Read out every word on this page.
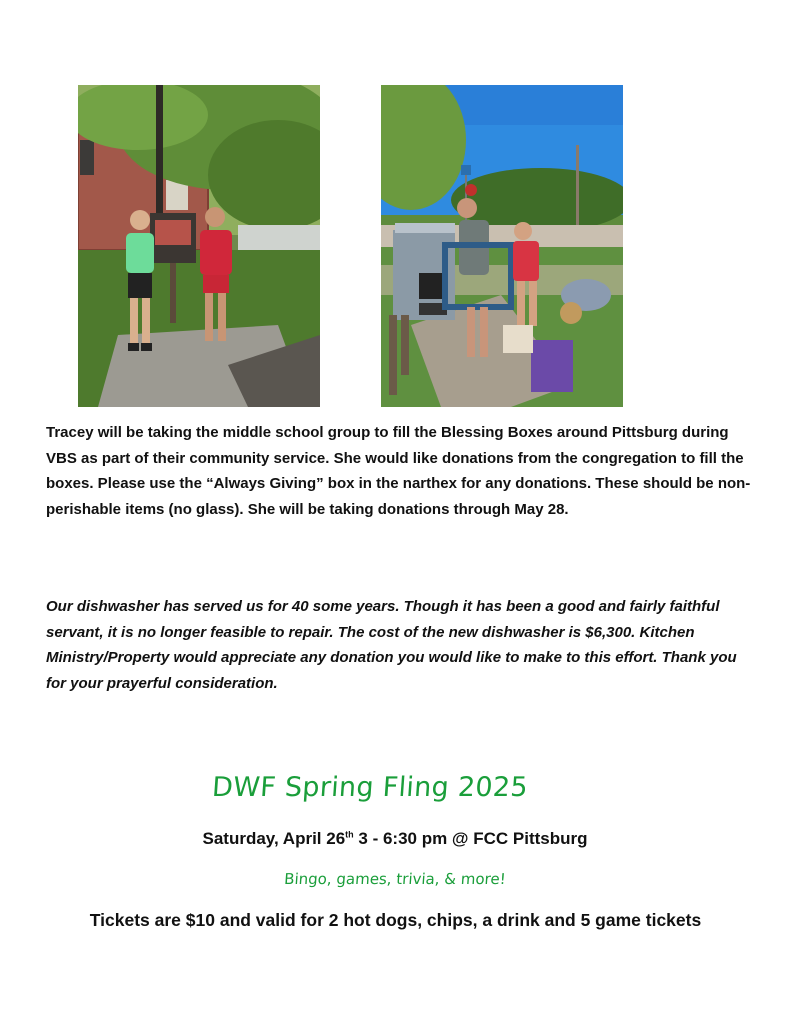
Tracey will be taking the middle school group to fill the Blessing Boxes around Pittsburg during VBS as part of their community service. She would like donations from the congregation to fill the boxes. Please use the “Always Giving” box in the narthex for any donations. These should be non-perishable items (no glass). She will be taking donations through May 28.

Our dishwasher has served us for 40 some years. Though it has been a good and fairly faithful servant, it is no longer feasible to repair. The cost of the new dishwasher is $6,300. Kitchen Ministry/Property would appreciate any donation you would like to make to this effort. Thank you for your prayerful consideration.

DWF Spring Fling 2025

Saturday, April 26th 3 - 6:30 pm @ FCC Pittsburg

Bingo, games, trivia, & more!

Tickets are $10 and valid for 2 hot dogs, chips, a drink and 5 game tickets
